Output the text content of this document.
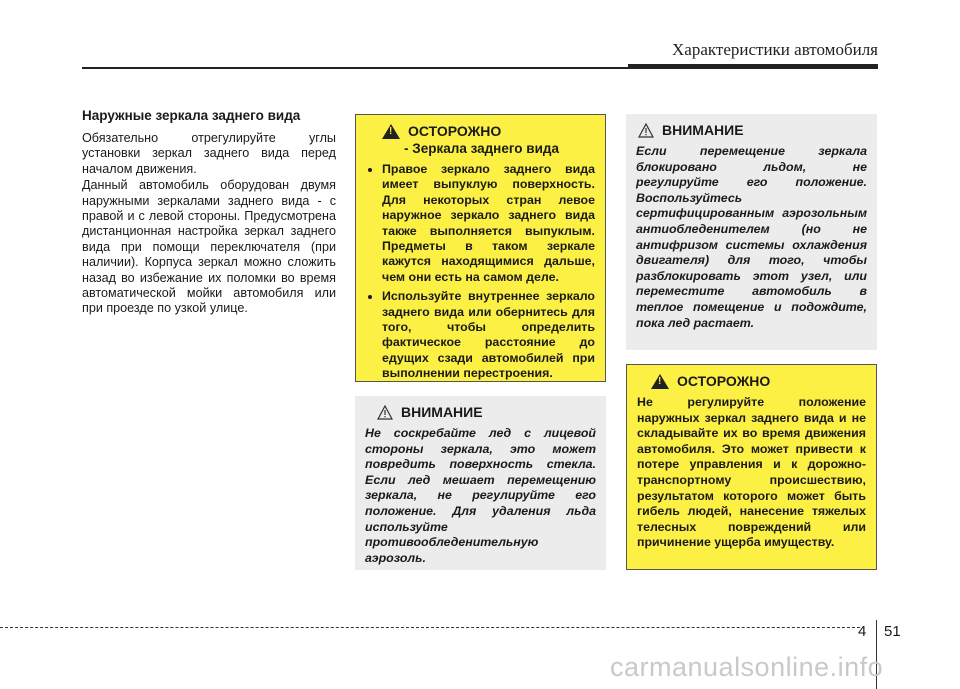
Характеристики автомобиля
Наружные зеркала заднего вида

Обязательно отрегулируйте углы установки зеркал заднего вида перед началом движения.

Данный автомобиль оборудован двумя наружными зеркалами заднего вида - с правой и с левой стороны. Предусмотрена дистанционная настройка зеркал заднего вида при помощи переключателя (при наличии). Корпуса зеркал можно сложить назад во избежание их поломки во время автоматической мойки автомобиля или при проезде по узкой улице.

!
ОСТОРОЖНО
- Зеркала заднего вида
• Правое зеркало заднего вида имеет выпуклую поверхность. Для некоторых стран левое наружное зеркало заднего вида также выполняется выпуклым. Предметы в таком зеркале кажутся находящимися дальше, чем они есть на самом деле.
• Используйте внутреннее зеркало заднего вида или обернитесь для того, чтобы определить фактическое расстояние до едущих сзади автомобилей при выполнении перестроения.
ВНИМАНИЕ
Не соскребайте лед с лицевой стороны зеркала, это может повредить поверхность стекла. Если лед мешает перемещению зеркала, не регулируйте его положение. Для удаления льда используйте противообледенительную аэрозоль.
ВНИМАНИЕ
Если перемещение зеркала блокировано льдом, не регулируйте его положение. Воспользуйтесь сертифицированным аэрозольным антиобледенителем (но не антифризом системы охлаждения двигателя) для того, чтобы разблокировать этот узел, или переместите автомобиль в теплое помещение и подождите, пока лед растает.
!
ОСТОРОЖНО
Не регулируйте положение наружных зеркал заднего вида и не складывайте их во время движения автомобиля. Это может привести к потере управления и к дорожно-транспортному происшествию, результатом которого может быть гибель людей, нанесение тяжелых телесных повреждений или причинение ущерба имуществу.
4 51
carmanualsonline.info
